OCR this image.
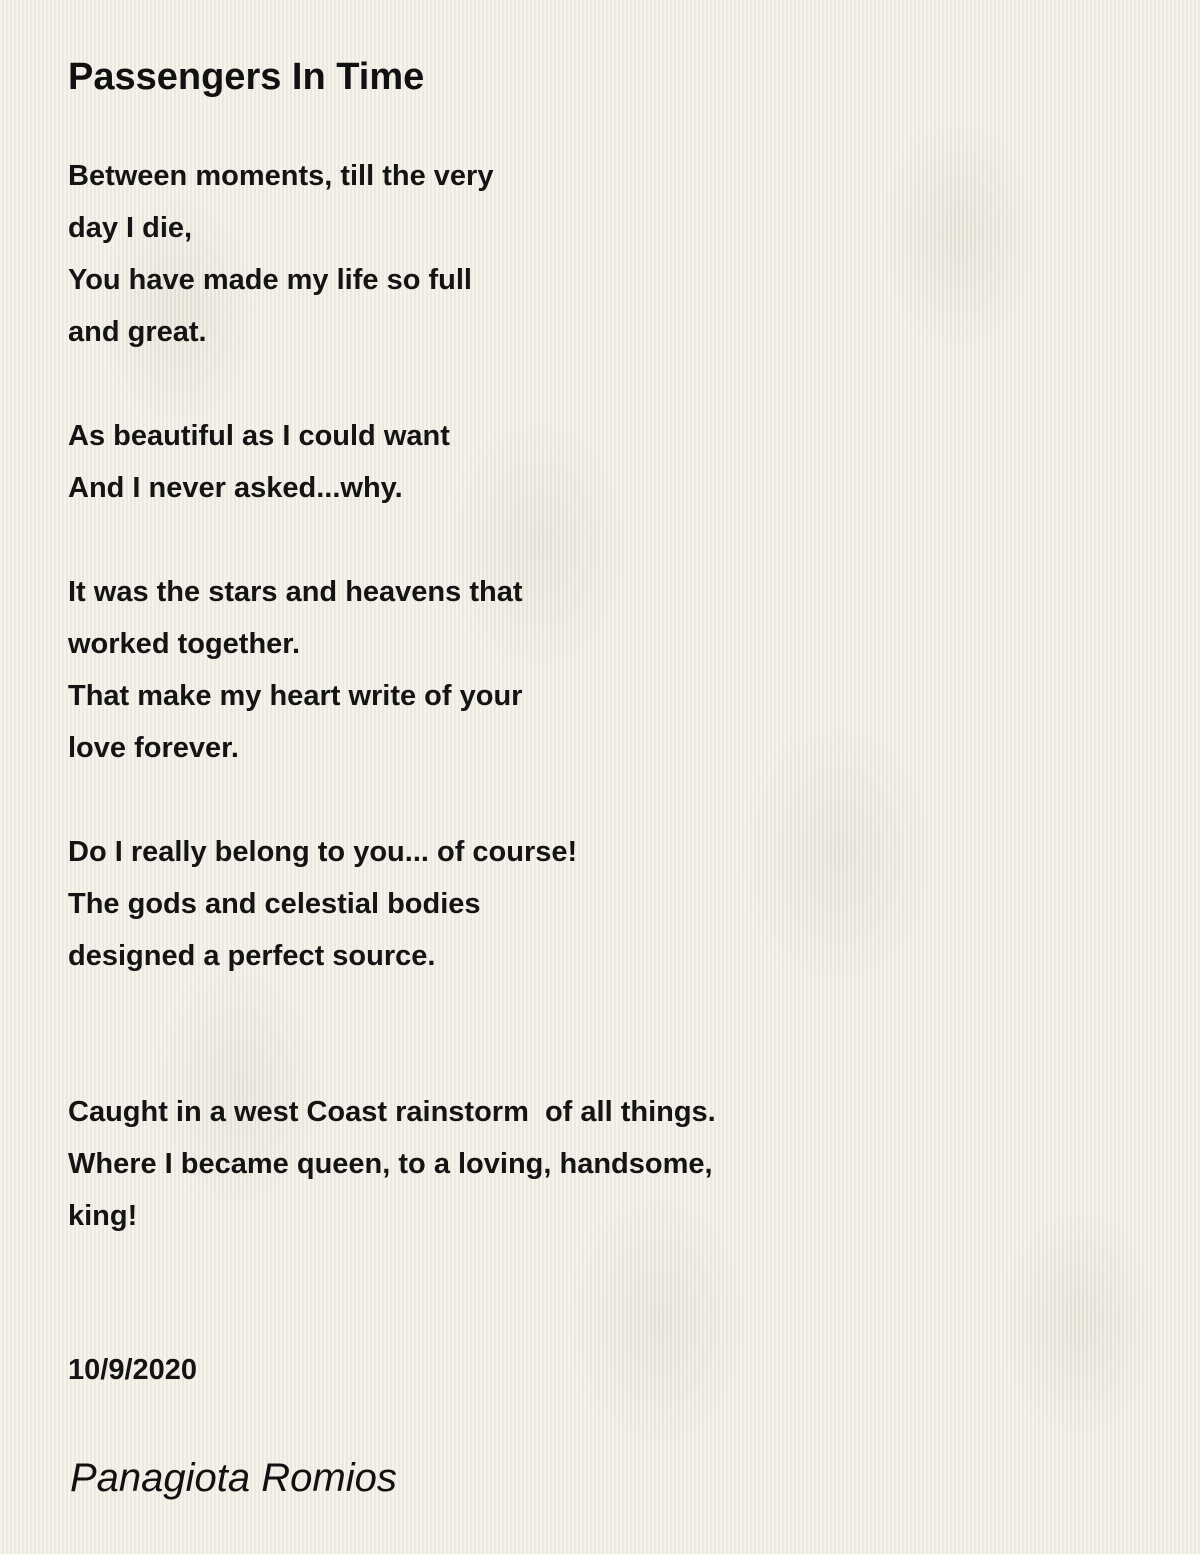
Passengers In Time
Between moments, till the very
day I die,
You have made my life so full
and great.
As beautiful as I could want
And I never asked...why.
It was the stars and heavens that
worked together.
That make my heart write of your
love forever.
Do I really belong to you... of course!
The gods and celestial bodies
designed a perfect source.
Caught in a west Coast rainstorm  of all things.
Where I became queen, to a loving, handsome,
king!
10/9/2020
Panagiota Romios
